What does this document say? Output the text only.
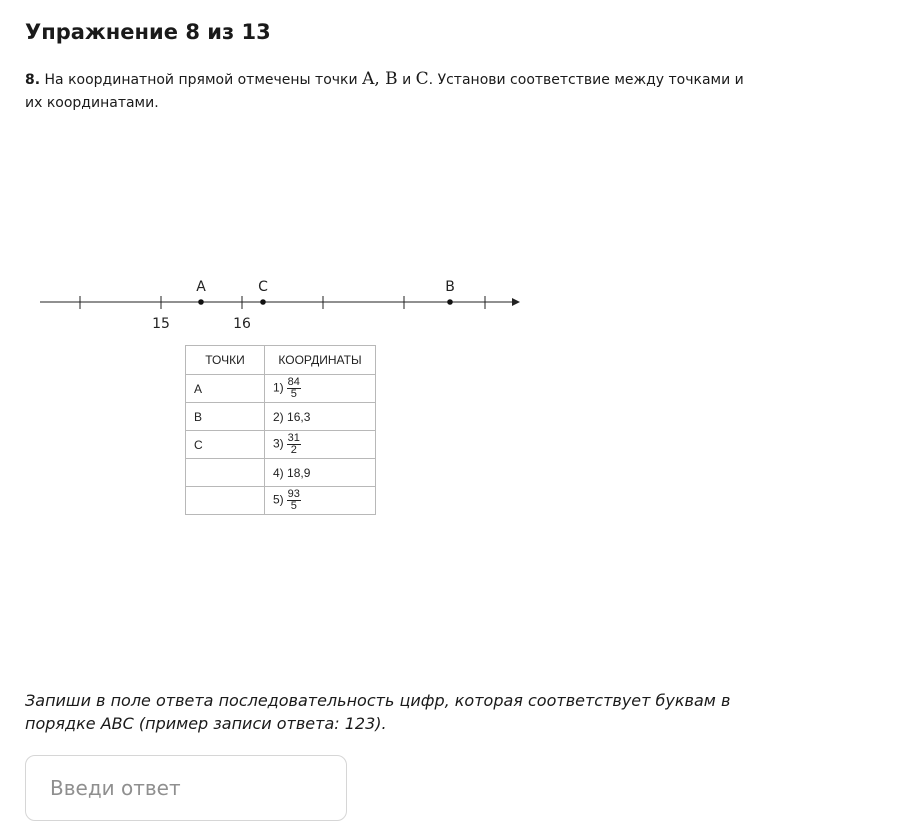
Упражнение 8 из 13
8. На координатной прямой отмечены точки A, B и C. Установи соответствие между точками и их координатами.
15	16
A	C	B
ТОЧКИ	КООРДИНАТЫ
A	$1) \frac{84}{5}$

B	2) 16,3
C	$3) \frac{31}{2}$

	4) 18,9
	$5) \frac{93}{5}$
Запиши в поле ответа последовательность цифр, которая соответствует буквам в порядке ABC (пример записи ответа: 123).
Введи ответ
